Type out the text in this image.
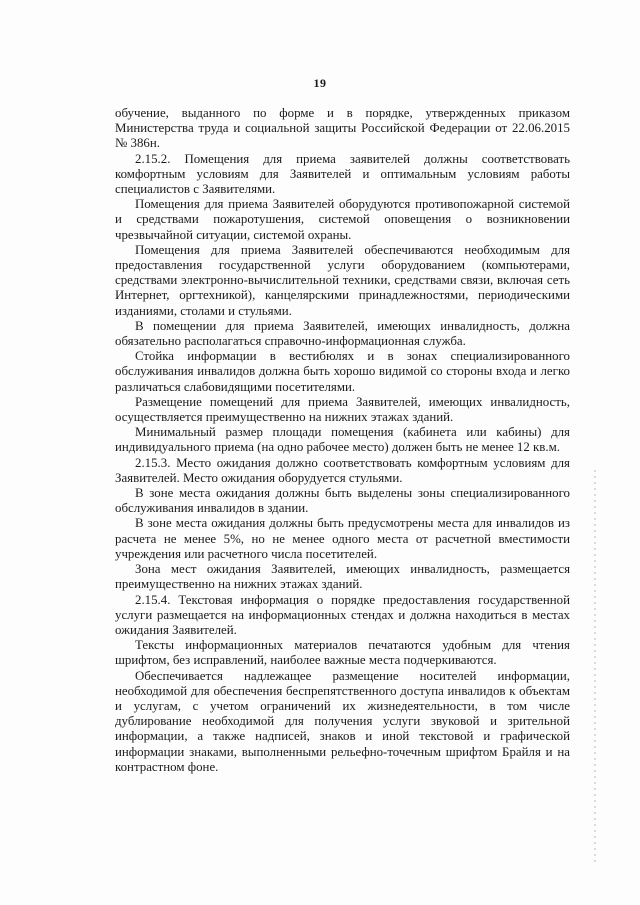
19

обучение, выданного по форме и в порядке, утвержденных приказом Министерства труда и социальной защиты Российской Федерации от 22.06.2015 № 386н.

2.15.2. Помещения для приема заявителей должны соответствовать комфортным условиям для Заявителей и оптимальным условиям работы специалистов с Заявителями.

Помещения для приема Заявителей оборудуются противопожарной системой и средствами пожаротушения, системой оповещения о возникновении чрезвычайной ситуации, системой охраны.

Помещения для приема Заявителей обеспечиваются необходимым для предоставления государственной услуги оборудованием (компьютерами, средствами электронно-вычислительной техники, средствами связи, включая сеть Интернет, оргтехникой), канцелярскими принадлежностями, периодическими изданиями, столами и стульями.

В помещении для приема Заявителей, имеющих инвалидность, должна обязательно располагаться справочно-информационная служба.

Стойка информации в вестибюлях и в зонах специализированного обслуживания инвалидов должна быть хорошо видимой со стороны входа и легко различаться слабовидящими посетителями.

Размещение помещений для приема Заявителей, имеющих инвалидность, осуществляется преимущественно на нижних этажах зданий.

Минимальный размер площади помещения (кабинета или кабины) для индивидуального приема (на одно рабочее место) должен быть не менее 12 кв.м.

2.15.3. Место ожидания должно соответствовать комфортным условиям для Заявителей. Место ожидания оборудуется стульями.

В зоне места ожидания должны быть выделены зоны специализированного обслуживания инвалидов в здании.

В зоне места ожидания должны быть предусмотрены места для инвалидов из расчета не менее 5%, но не менее одного места от расчетной вместимости учреждения или расчетного числа посетителей.

Зона мест ожидания Заявителей, имеющих инвалидность, размещается преимущественно на нижних этажах зданий.

2.15.4. Текстовая информация о порядке предоставления государственной услуги размещается на информационных стендах и должна находиться в местах ожидания Заявителей.

Тексты информационных материалов печатаются удобным для чтения шрифтом, без исправлений, наиболее важные места подчеркиваются.

Обеспечивается надлежащее размещение носителей информации, необходимой для обеспечения беспрепятственного доступа инвалидов к объектам и услугам, с учетом ограничений их жизнедеятельности, в том числе дублирование необходимой для получения услуги звуковой и зрительной информации, а также надписей, знаков и иной текстовой и графической информации знаками, выполненными рельефно-точечным шрифтом Брайля и на контрастном фоне.
